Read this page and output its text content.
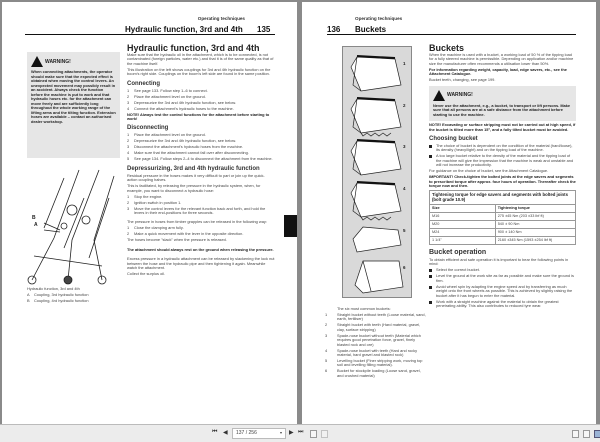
Operating techniques
Hydraulic function, 3rd and 4th 135
WARNING!
When connecting attachments, the operator should make sure that the expected effect is obtained when moving the control levers. An unexpected movement may possibly result in an accident. Always check the function before the machine is put to work and that hydraulic hoses etc. for the attachment can move freely and are sufficiently long throughout the whole working range of the lifting arms and the tilting function. Extension hoses are available – contact an authorised dealer workshop.
B
A
Hydraulic function, 3rd and 4th
A	Coupling, 3rd hydraulic function
B	Coupling, 4rd hydraulic function
Hydraulic function, 3rd and 4th
Make sure that the hydraulic oil in the attachment, which is to be connected, is not contaminated (foreign particles, water etc.) and that it is of the same quality as that of the machine itself.
This illustration on the left shows couplings for 3rd and 4th hydraulic function on the boom's right side. Couplings on the boom's left side are found in the same position.
Connecting
1	See page 133. Follow step 1–6 to connect.
2	Place the attachment level on the ground.
3	Depressurize the 3rd and 4th hydraulic function, see below.
4	Connect the attachment's hydraulic hoses to the machine.
NOTE! Always test the control functions for the attachment before starting to work!
Disconnecting
1	Place the attachment level on the ground.
2	Depressurize the 3rd and 4th hydraulic function, see below.
3	Disconnect the attachment's hydraulic hoses from the machine.
4	Make sure that the attachment cannot fall over after disconnecting.
5	See page 134. Follow steps 2–4 to disconnect the attachment from the machine.
Depressurizing, 3rd and 4th hydraulic function
Residual pressure in the hoses makes it very difficult to part or join up the quick-action coupling halves.
This is facilitated, by releasing the pressure in the hydraulic system, when, for example, you want to disconnect a hydraulic hose:
1	Stop the engine.
2	Ignition switch in position 1.
3	Move the control levers for the relevant function back and forth, and hold the levers in their end-positions for three seconds.
The pressure in hoses from timber grapples can be released in the following way:
1	Close the clamping arm fully.
2	Make a quick movement with the lever in the opposite direction.
The hoses become "slack" when the pressure is released.
The attachment should always rest on the ground when releasing the pressure.
Excess pressure in a hydraulic attachment can be released by slackening the lock nut between the hose and the hydraulic pipe and then tightening it again. Meanwhile watch the attachment.
Collect the surplus oil.
Operating techniques
136 Buckets
1
2
3
4
5
6
The six most common buckets:
1	Straight bucket without teeth (Loose material, sand, earth, fertiliser)
2	Straight bucket with teeth (Hard material, gravel, clay, surface stripping)
3	Spade-nose bucket without teeth (Material which requires good penetration force, gravel, finely blasted rock and ore)
4	Spade-nose bucket with teeth (Hard and rocky material, hard gravel and blasted rock)
5	Levelling bucket (Finer stripping work, moving top soil and levelling filling material).
6	Bucket for stockpile loading (Loose sand, gravel, and crushed material)
Buckets
When the machine is used with a bucket, a working load of 50 % of the tipping load for a fully steered machine is permissible. Depending on application and/or machine size the manufacturer often recommends a utilisation lower than 50%.
For information regarding weight, capacity, load, edge savers, etc., see the Attachment Catalogue.
Bucket teeth, changing, see page 199.
WARNING!
Never use the attachment, e.g., a bucket, to transport or lift persons. Make sure that all persons are at a safe distance from the attachment before starting to use the machine.
NOTE! Excavating or surface stripping must not be carried out at high speed, if the bucket is tilted more than 15°, and a fully tilted bucket must be avoided.
Choosing bucket
The choice of bucket is dependent on the condition of the material (hard/loose), its density (heavy/light) and on the tipping load of the machine.
A too large bucket relative to the density of the material and the tipping load of the machine will give the impression that the machine is weak and unstable and will not increase the productivity.
For guidance on the choice of bucket, see the Attachment Catalogue.
IMPORTANT! Check-tighten the bolted joints at the edge savers and segments to prescribed torque after approx. four hours of operation. Thereafter check the torque now and then.
Tightening torque for edge savers and segments with bolted joints (bolt grade 10.9)	
Size	Tightening torque
M16	275 ±45 Nm (203 ±33 lbf ft)
M20	540 ± 90 Nm
M24	900 ± 140 Nm
1 1/4"	2160 ±345 Nm (1593 ±254 lbf ft)
Bucket operation
To obtain efficient and safe operation it is important to bear the following points in mind:
Select the correct bucket.
Level the ground at the work site as far as possible and make sure the ground is firm.
Avoid wheel spin by adapting the engine speed and by transferring as much weight onto the front wheels as possible. This is achieved by slightly raising the bucket after it has begun to enter the material.
Work with a straight machine against the material to obtain the greatest penetrating ability. This also contributes to reduced tyre wear.
⏮ ◀	137 / 256	▾ ▶ ⏭
